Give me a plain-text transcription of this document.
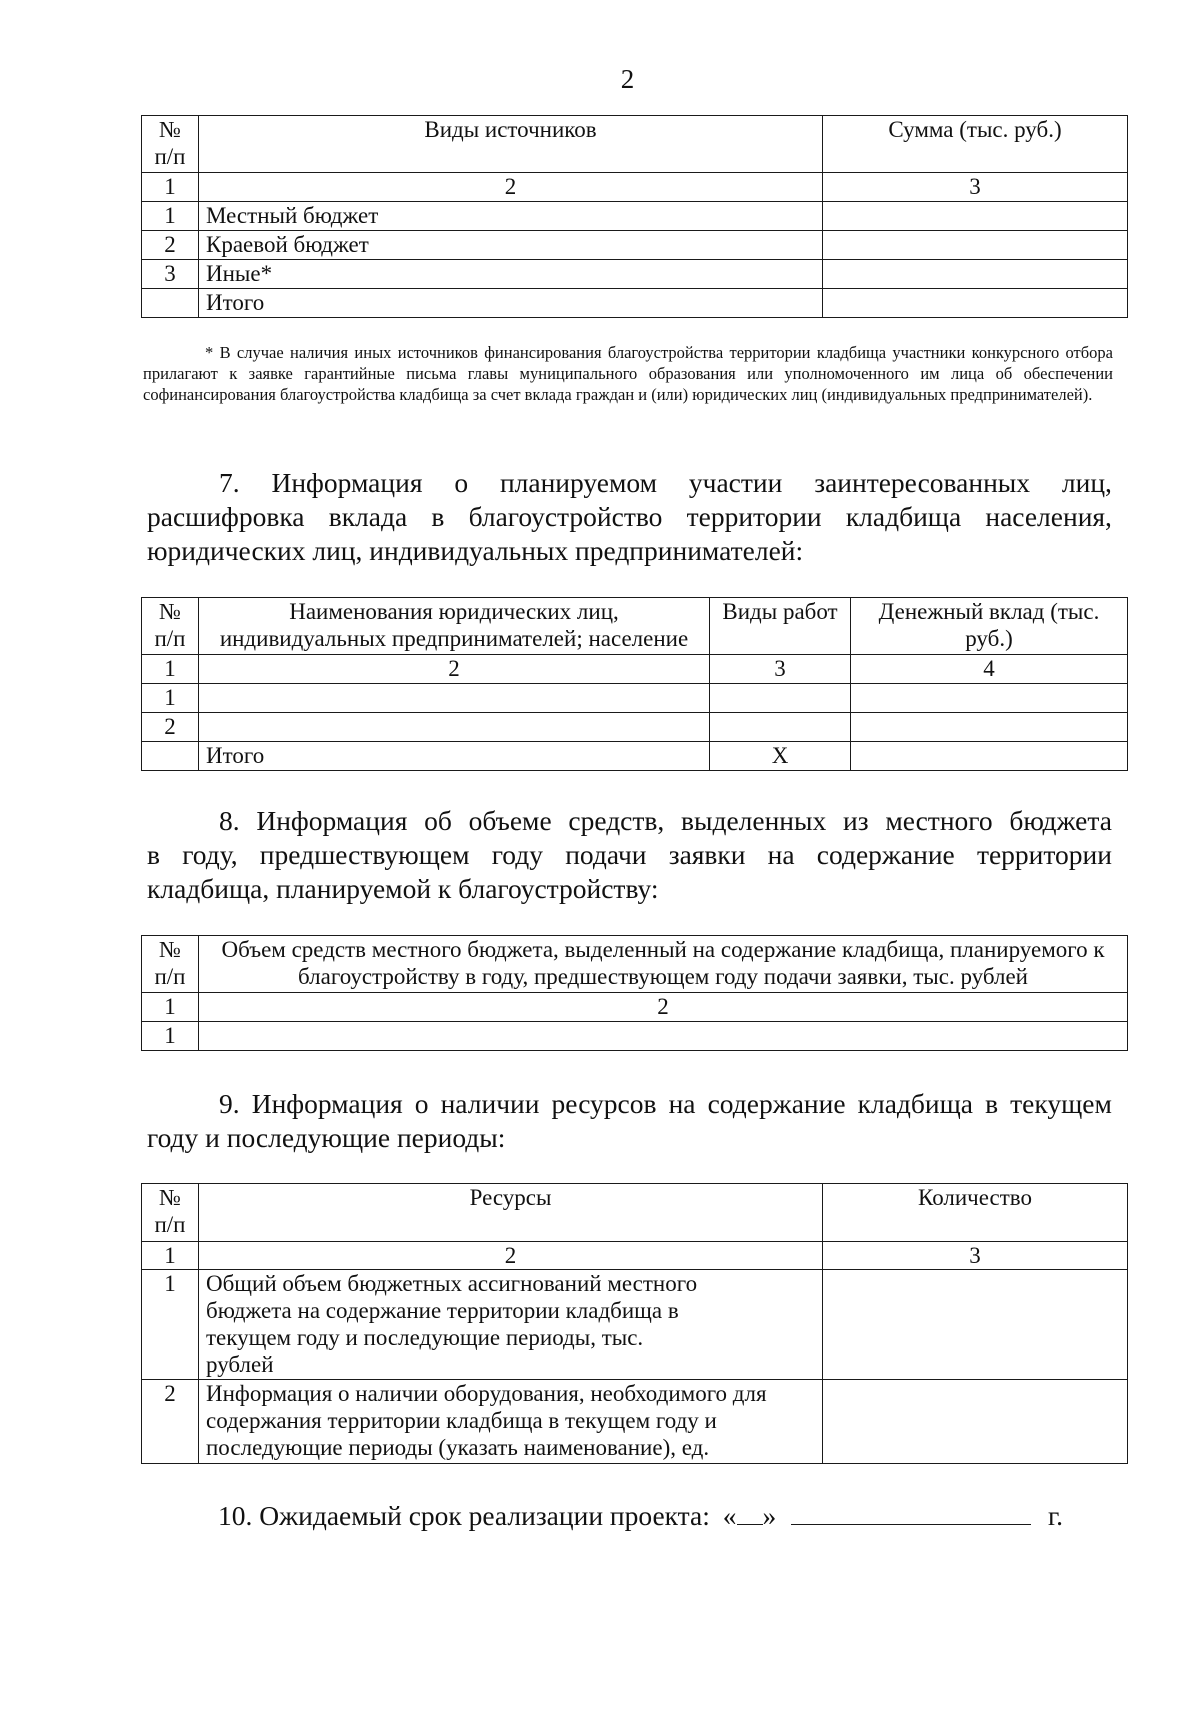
2
№ п/п	Виды источников	Сумма (тыс. руб.)
1	2	3
1	Местный бюджет	
2	Краевой бюджет	
3	Иные*	
	Итого	
* В случае наличия иных источников финансирования благоустройства территории кладбища участники конкурсного отбора прилагают к заявке гарантийные письма главы муниципального образования или уполномоченного им лица об обеспечении софинансирования благоустройства кладбища за счет вклада граждан и (или) юридических лиц (индивидуальных предпринимателей).
7. Информация о планируемом участии заинтересованных лиц,
расшифровка вклада в благоустройство территории кладбища населения,
юридических лиц, индивидуальных предпринимателей:
№ п/п	Наименования юридических лиц, индивидуальных предпринимателей; население	Виды работ	Денежный вклад (тыс. руб.)
1	2	3	4
1			
2			
	Итого	X	
8. Информация об объеме средств, выделенных из местного бюджета
в году, предшествующем году подачи заявки на содержание территории
кладбища, планируемой к благоустройству:
№ п/п	Объем средств местного бюджета, выделенный на содержание кладбища, планируемого к благоустройству в году, предшествующем году подачи заявки, тыс. рублей
1	2
1	
9. Информация о наличии ресурсов на содержание кладбища в текущем
году и последующие периоды:
№ п/п	Ресурсы	Количество
1	2	3
1	Общий объем бюджетных ассигнований местного бюджета на содержание территории кладбища в текущем году и последующие периоды, тыс. рублей	

2	Информация о наличии оборудования, необходимого для содержания территории кладбища в текущем году и последующие периоды (указать наименование), ед.	
10. Ожидаемый срок реализации проекта: « »	г.
